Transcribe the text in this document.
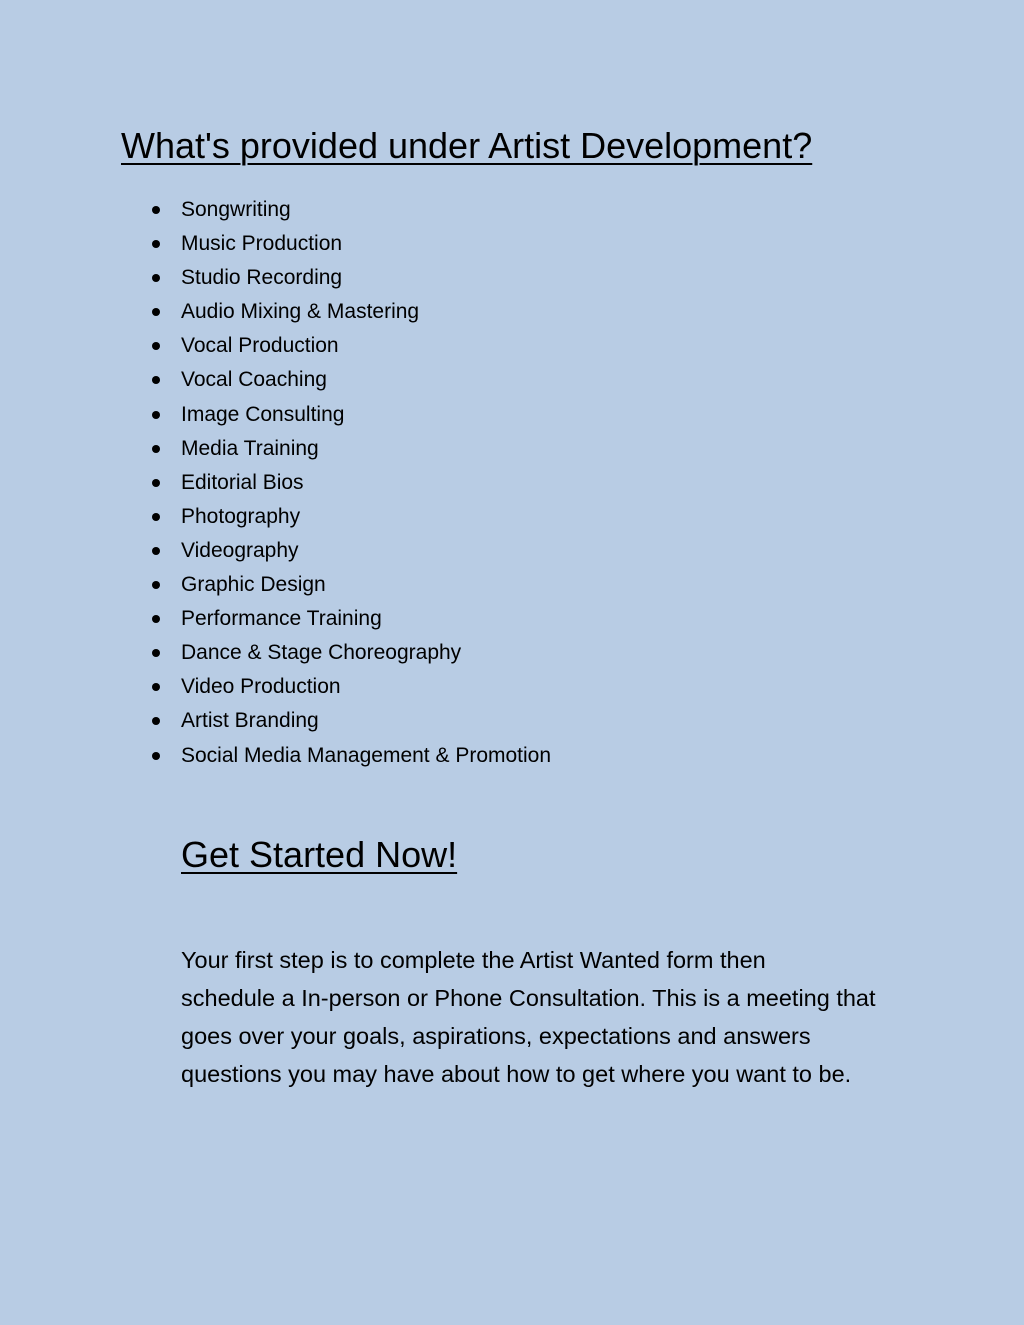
What's provided under Artist Development?
Songwriting
Music Production
Studio Recording
Audio Mixing & Mastering
Vocal Production
Vocal Coaching
Image Consulting
Media Training
Editorial Bios
Photography
Videography
Graphic Design
Performance Training
Dance & Stage Choreography
Video Production
Artist Branding
Social Media Management & Promotion
Get Started Now!

Your first step is to complete the Artist Wanted form then
schedule a In-person or Phone Consultation. This is a meeting that
goes over your goals, aspirations, expectations and answers
questions you may have about how to get where you want to be.
